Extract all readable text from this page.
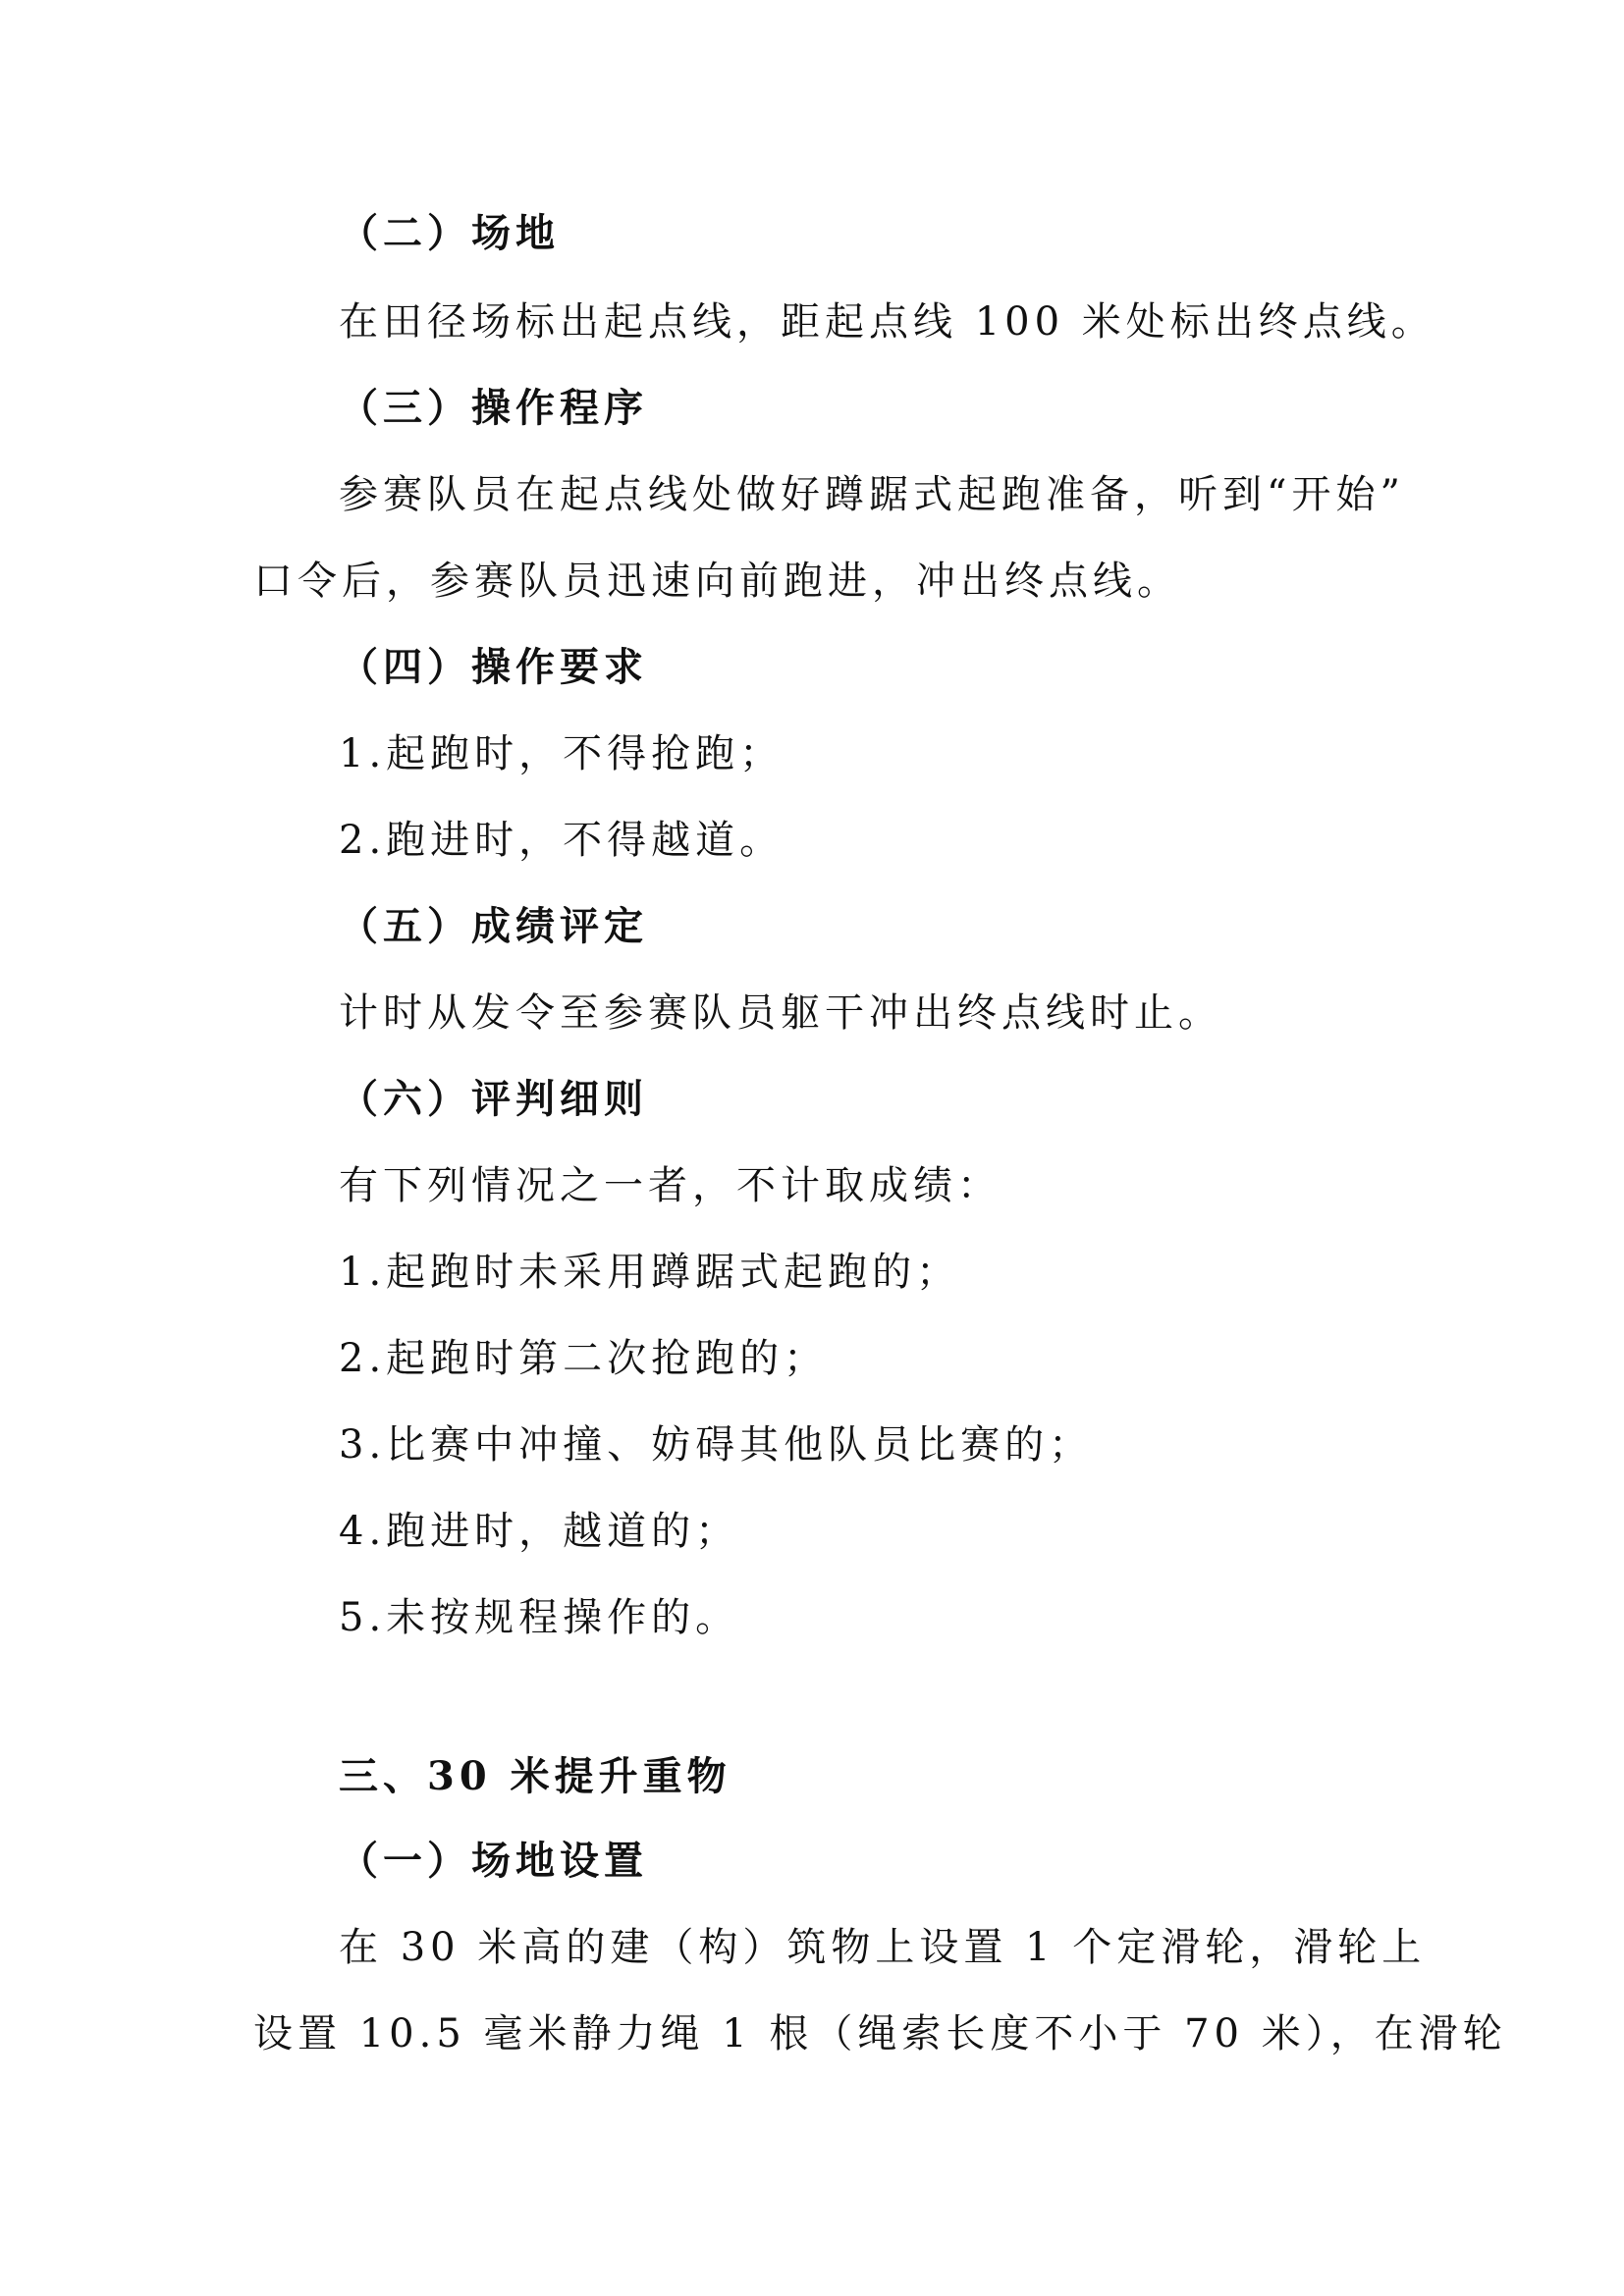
（二）场地
在田径场标出起点线，距起点线 100 米处标出终点线。
（三）操作程序
参赛队员在起点线处做好蹲踞式起跑准备，听到“开始”
口令后，参赛队员迅速向前跑进，冲出终点线。
（四）操作要求
1.起跑时，不得抢跑；
2.跑进时，不得越道。
（五）成绩评定
计时从发令至参赛队员躯干冲出终点线时止。
（六）评判细则
有下列情况之一者，不计取成绩：
1.起跑时未采用蹲踞式起跑的；
2.起跑时第二次抢跑的；
3.比赛中冲撞、妨碍其他队员比赛的；
4.跑进时，越道的；
5.未按规程操作的。
三、30 米提升重物
（一）场地设置
在 30 米高的建（构）筑物上设置 1 个定滑轮，滑轮上
设置 10.5 毫米静力绳 1 根（绳索长度不小于 70 米），在滑轮
